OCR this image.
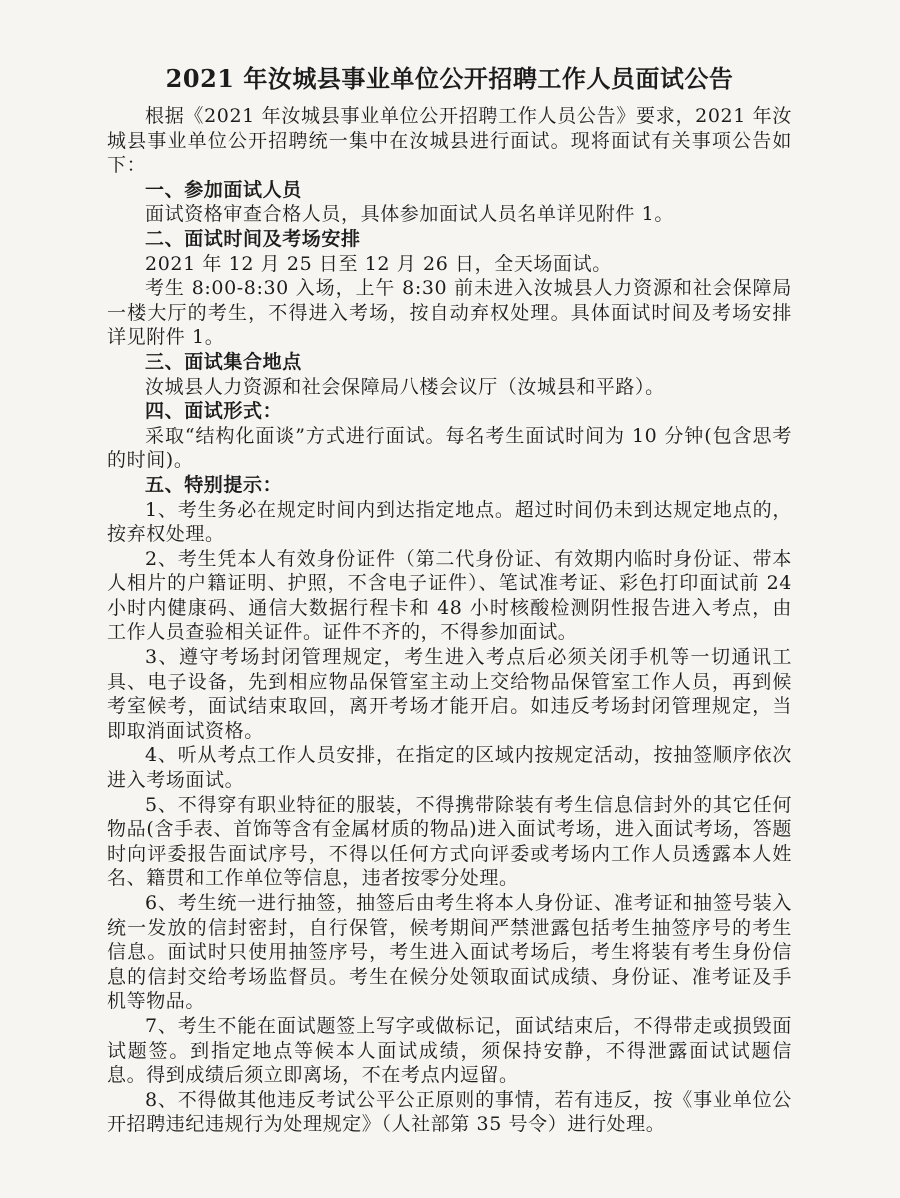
2021 年汝城县事业单位公开招聘工作人员面试公告

根据《2021 年汝城县事业单位公开招聘工作人员公告》要求，2021 年汝城县事业单位公开招聘统一集中在汝城县进行面试。现将面试有关事项公告如下：

一、参加面试人员

面试资格审查合格人员，具体参加面试人员名单详见附件 1。

二、面试时间及考场安排

2021 年 12 月 25 日至 12 月 26 日，全天场面试。

考生 8:00-8:30 入场，上午 8:30 前未进入汝城县人力资源和社会保障局一楼大厅的考生，不得进入考场，按自动弃权处理。具体面试时间及考场安排详见附件 1。

三、面试集合地点

汝城县人力资源和社会保障局八楼会议厅（汝城县和平路）。

四、面试形式：

采取“结构化面谈”方式进行面试。每名考生面试时间为 10 分钟(包含思考的时间)。

五、特别提示：

1、考生务必在规定时间内到达指定地点。超过时间仍未到达规定地点的，按弃权处理。

2、考生凭本人有效身份证件（第二代身份证、有效期内临时身份证、带本人相片的户籍证明、护照，不含电子证件）、笔试准考证、彩色打印面试前 24 小时内健康码、通信大数据行程卡和 48 小时核酸检测阴性报告进入考点，由工作人员查验相关证件。证件不齐的，不得参加面试。

3、遵守考场封闭管理规定，考生进入考点后必须关闭手机等一切通讯工具、电子设备，先到相应物品保管室主动上交给物品保管室工作人员，再到候考室候考，面试结束取回，离开考场才能开启。如违反考场封闭管理规定，当即取消面试资格。

4、听从考点工作人员安排，在指定的区域内按规定活动，按抽签顺序依次进入考场面试。

5、不得穿有职业特征的服装，不得携带除装有考生信息信封外的其它任何物品(含手表、首饰等含有金属材质的物品)进入面试考场，进入面试考场，答题时向评委报告面试序号，不得以任何方式向评委或考场内工作人员透露本人姓名、籍贯和工作单位等信息，违者按零分处理。

6、考生统一进行抽签，抽签后由考生将本人身份证、准考证和抽签号装入统一发放的信封密封，自行保管，候考期间严禁泄露包括考生抽签序号的考生信息。面试时只使用抽签序号，考生进入面试考场后，考生将装有考生身份信息的信封交给考场监督员。考生在候分处领取面试成绩、身份证、准考证及手机等物品。

7、考生不能在面试题签上写字或做标记，面试结束后，不得带走或损毁面试题签。到指定地点等候本人面试成绩，须保持安静，不得泄露面试试题信息。得到成绩后须立即离场，不在考点内逗留。

8、不得做其他违反考试公平公正原则的事情，若有违反，按《事业单位公开招聘违纪违规行为处理规定》（人社部第 35 号令）进行处理。
